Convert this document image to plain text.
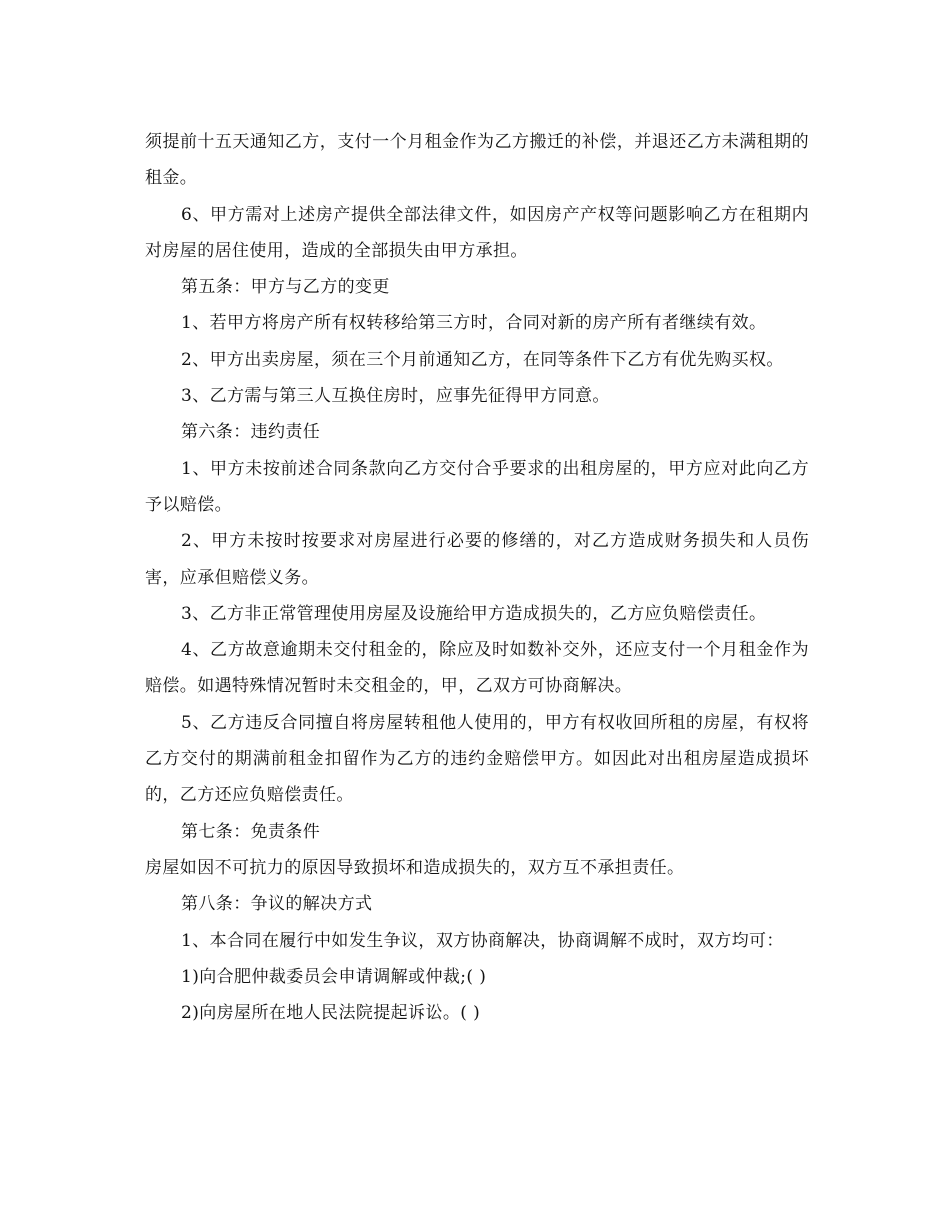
须提前十五天通知乙方，支付一个月租金作为乙方搬迁的补偿，并退还乙方未满租期的租金。

6、甲方需对上述房产提供全部法律文件，如因房产产权等问题影响乙方在租期内对房屋的居住使用，造成的全部损失由甲方承担。

第五条：甲方与乙方的变更

1、若甲方将房产所有权转移给第三方时，合同对新的房产所有者继续有效。

2、甲方出卖房屋，须在三个月前通知乙方，在同等条件下乙方有优先购买权。

3、乙方需与第三人互换住房时，应事先征得甲方同意。

第六条：违约责任

1、甲方未按前述合同条款向乙方交付合乎要求的出租房屋的，甲方应对此向乙方予以赔偿。

2、甲方未按时按要求对房屋进行必要的修缮的，对乙方造成财务损失和人员伤害，应承但赔偿义务。

3、乙方非正常管理使用房屋及设施给甲方造成损失的，乙方应负赔偿责任。

4、乙方故意逾期未交付租金的，除应及时如数补交外，还应支付一个月租金作为赔偿。如遇特殊情况暂时未交租金的，甲，乙双方可协商解决。

5、乙方违反合同擅自将房屋转租他人使用的，甲方有权收回所租的房屋，有权将乙方交付的期满前租金扣留作为乙方的违约金赔偿甲方。如因此对出租房屋造成损坏的，乙方还应负赔偿责任。

第七条：免责条件

房屋如因不可抗力的原因导致损坏和造成损失的，双方互不承担责任。

第八条：争议的解决方式

1、本合同在履行中如发生争议，双方协商解决，协商调解不成时，双方均可：

1)向合肥仲裁委员会申请调解或仲裁;( )

2)向房屋所在地人民法院提起诉讼。( )
